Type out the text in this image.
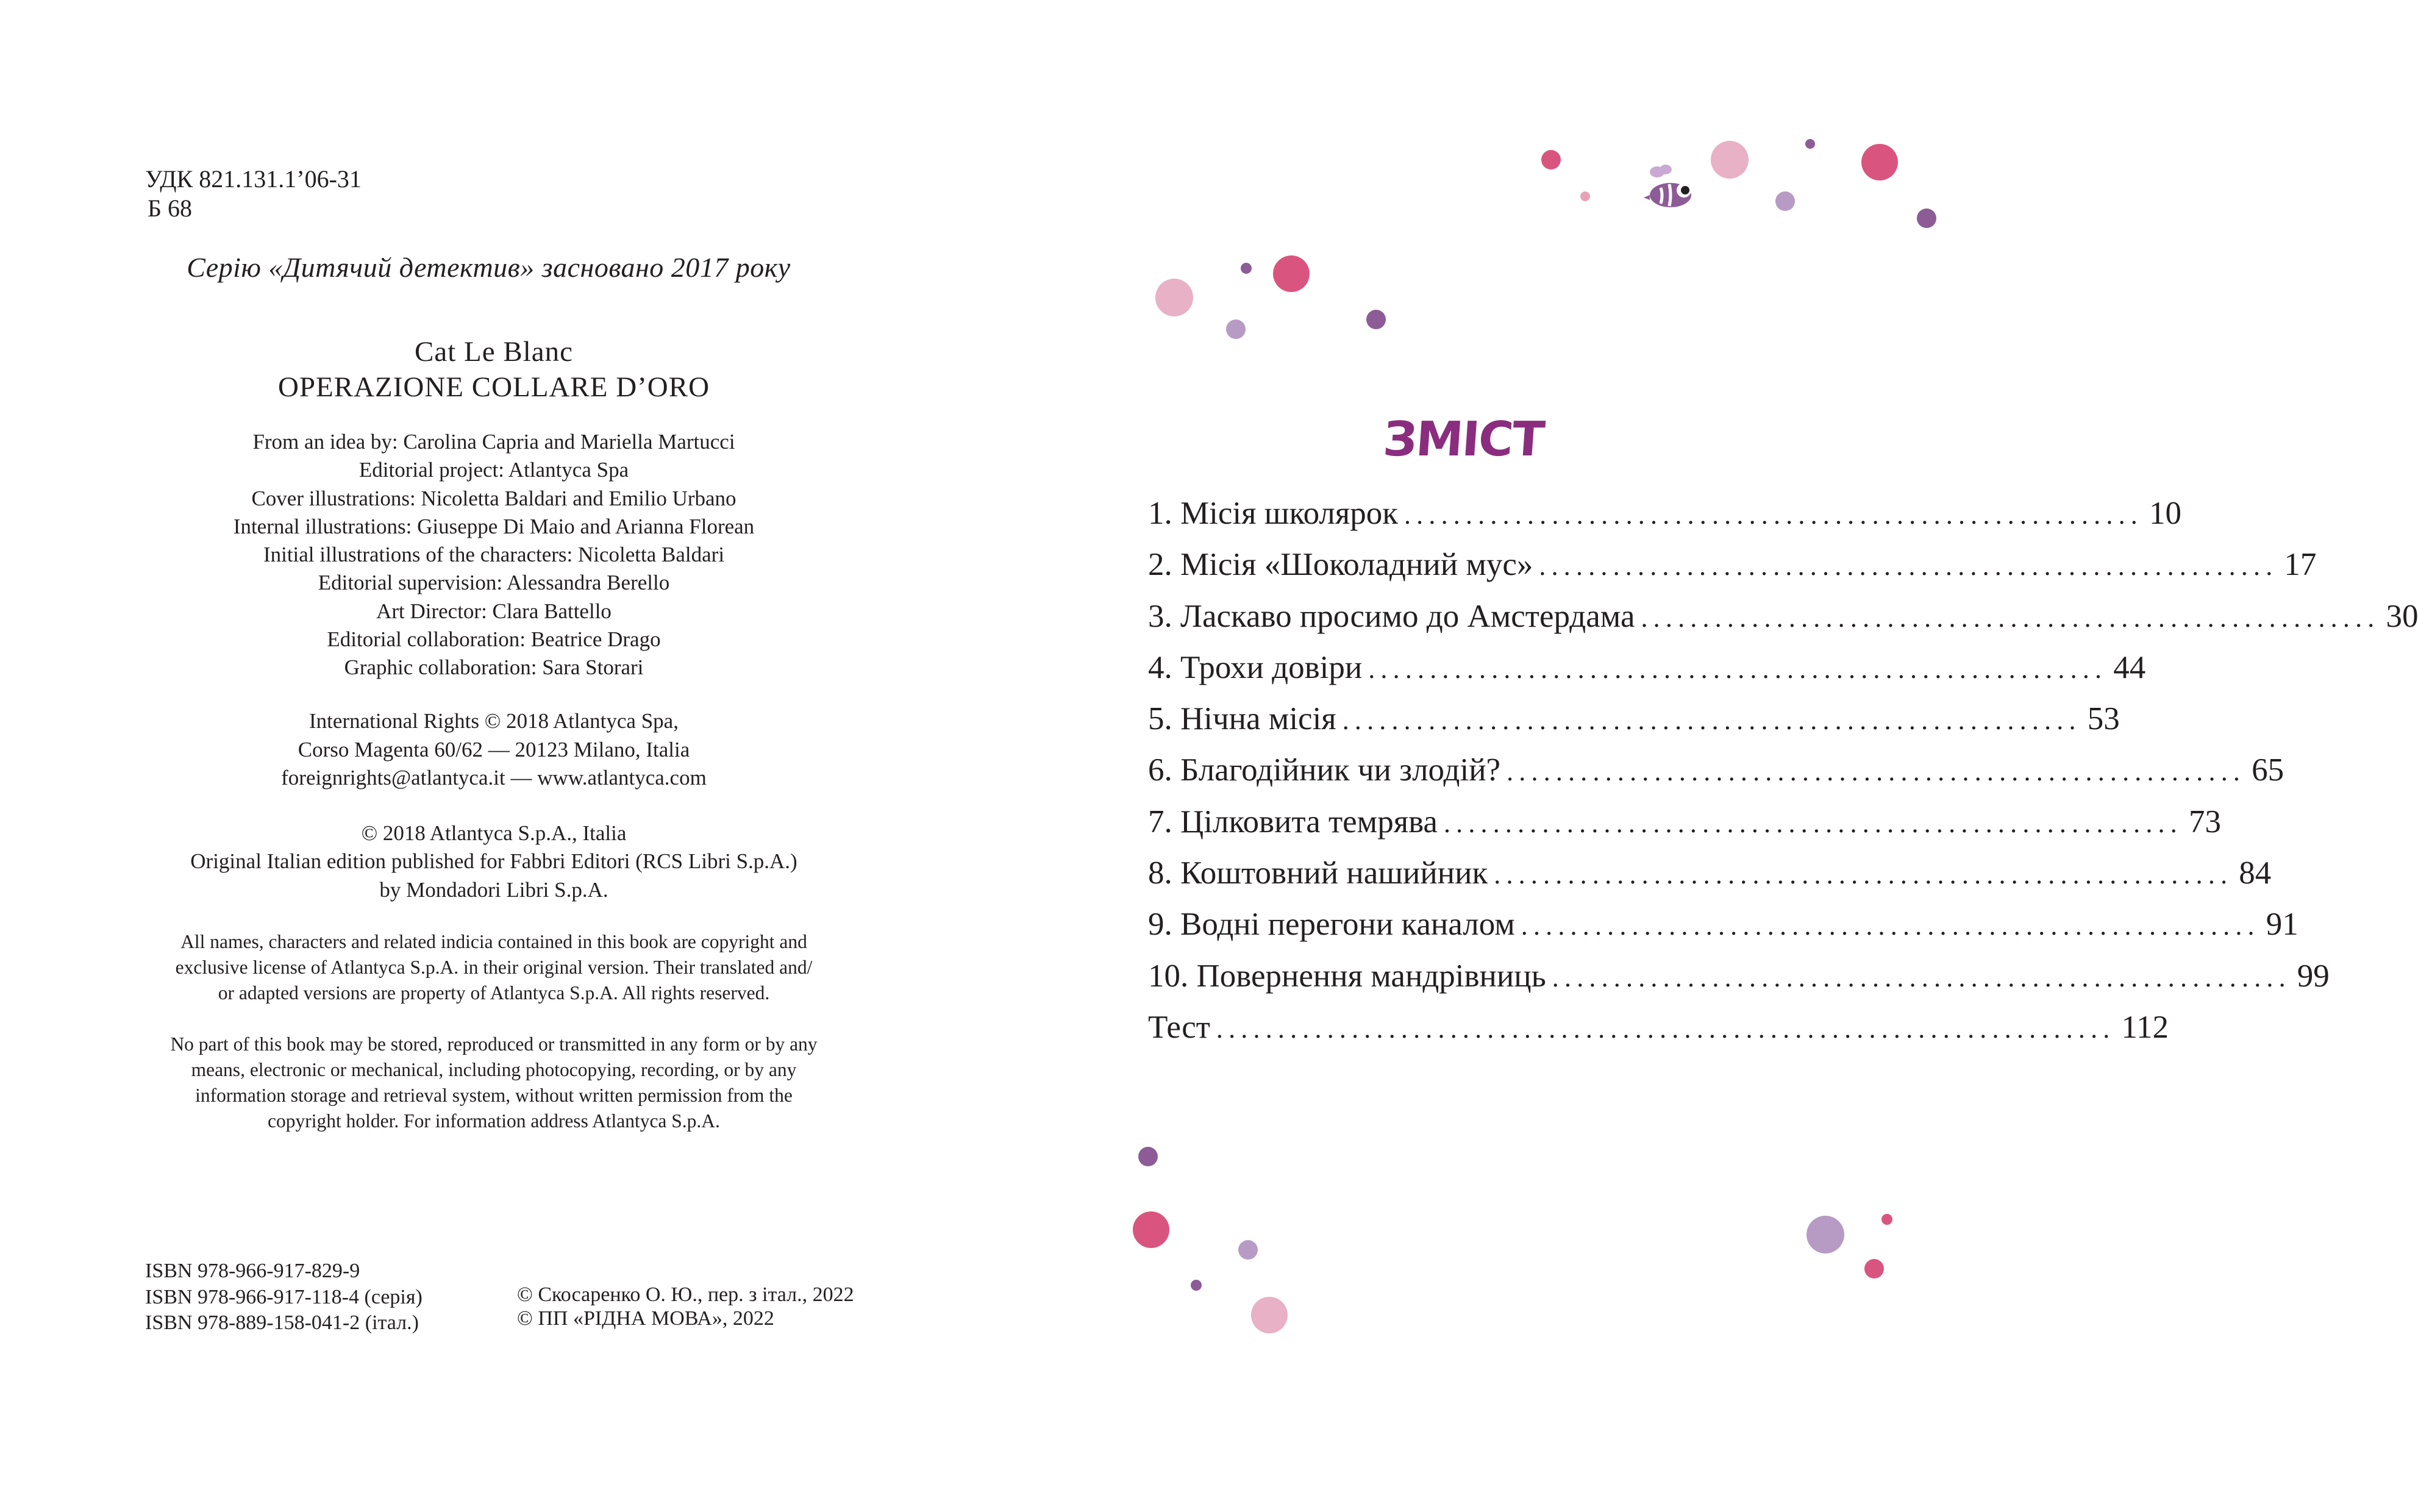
УДК 821.131.1’06-31
Б 68
Серію «Дитячий детектив» засновано 2017 року
Cat Le Blanc
OPERAZIONE COLLARE D’ORO
From an idea by: Carolina Capria and Mariella Martucci
Editorial project: Atlantyca Spa
Cover illustrations: Nicoletta Baldari and Emilio Urbano
Internal illustrations: Giuseppe Di Maio and Arianna Florean
Initial illustrations of the characters: Nicoletta Baldari
Editorial supervision: Alessandra Berello
Art Director: Clara Battello
Editorial collaboration: Beatrice Drago
Graphic collaboration: Sara Storari
International Rights © 2018 Atlantyca Spa,
Corso Magenta 60/62 — 20123 Milano, Italia
foreignrights@atlantyca.it — www.atlantyca.com
© 2018 Atlantyca S.p.A., Italia
Original Italian edition published for Fabbri Editori (RCS Libri S.p.A.)
by Mondadori Libri S.p.A.
All names, characters and related indicia contained in this book are copyright and
exclusive license of Atlantyca S.p.A. in their original version. Their translated and/
or adapted versions are property of Atlantyca S.p.A. All rights reserved.
No part of this book may be stored, reproduced or transmitted in any form or by any
means, electronic or mechanical, including photocopying, recording, or by any
information storage and retrieval system, without written permission from the
copyright holder. For information address Atlantyca S.p.A.
ISBN 978-966-917-829-9
ISBN 978-966-917-118-4 (серія)
ISBN 978-889-158-041-2 (італ.)
© Скосаренко О. Ю., пер. з італ., 2022
© ПП «РІДНА МОВА», 2022
ЗМІСТ
1. Місія школярок ............................................................ 10
2. Місія «Шоколадний мус» ............................................................ 17
3. Ласкаво просимо до Амстердама ............................................................ 30
4. Трохи довіри ............................................................ 44
5. Нічна місія ............................................................ 53
6. Благодійник чи злодій? ............................................................ 65
7. Цілковита темрява ............................................................ 73
8. Коштовний нашийник ............................................................ 84
9. Водні перегони каналом ............................................................ 91
10. Повернення мандрівниць ............................................................ 99
Тест ......................................................................... 112
